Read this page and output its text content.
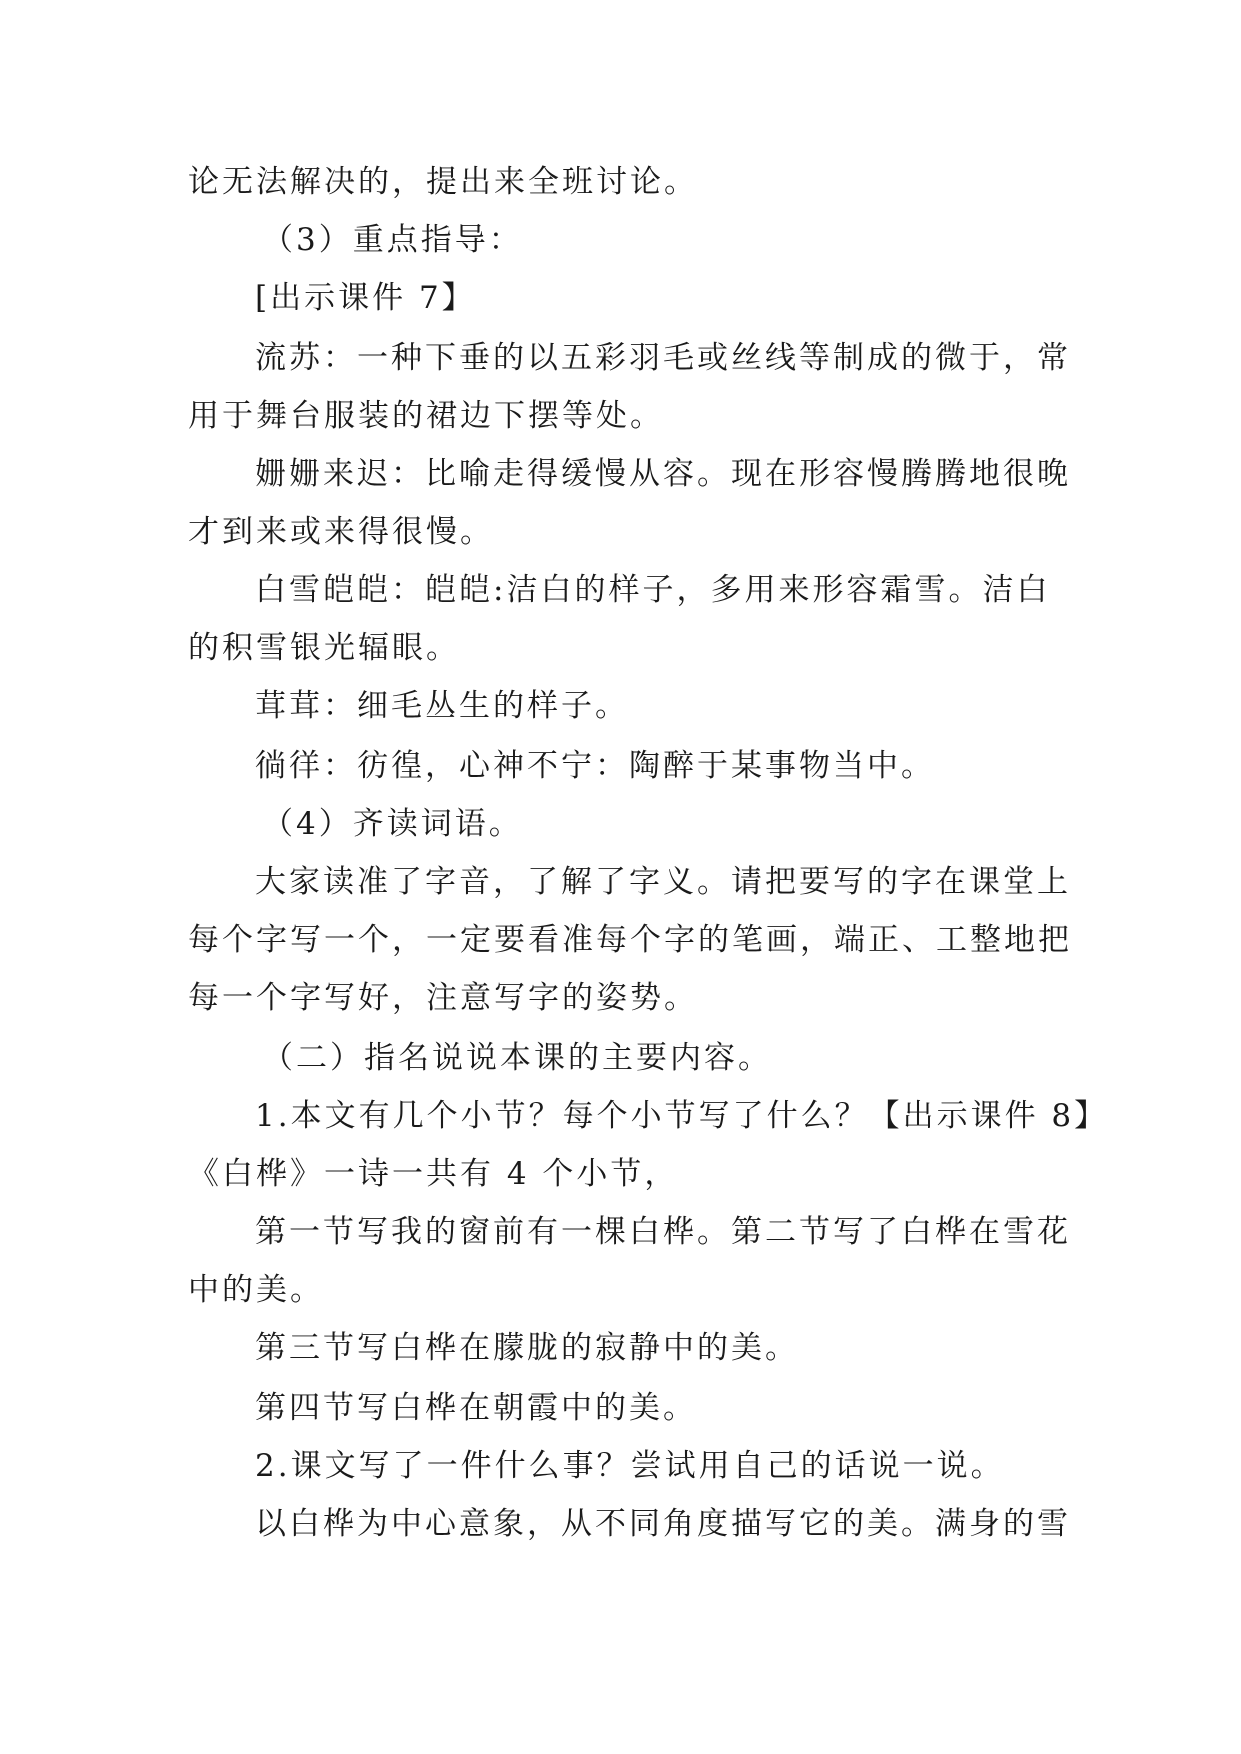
论无法解决的，提出来全班讨论。
（3）重点指导：
[出示课件 7】
流苏：一种下垂的以五彩羽毛或丝线等制成的微于，常
用于舞台服装的裙边下摆等处。
姗姗来迟：比喻走得缓慢从容。现在形容慢腾腾地很晚
才到来或来得很慢。
白雪皑皑：皑皑:洁白的样子，多用来形容霜雪。洁白
的积雪银光辐眼。
茸茸：细毛丛生的样子。
徜徉：彷徨，心神不宁：陶醉于某事物当中。
（4）齐读词语。
大家读准了字音，了解了字义。请把要写的字在课堂上
每个字写一个，一定要看准每个字的笔画，端正、工整地把
每一个字写好，注意写字的姿势。
（二）指名说说本课的主要内容。
1.本文有几个小节？每个小节写了什么？【出示课件 8】
《白桦》一诗一共有 4 个小节，
第一节写我的窗前有一棵白桦。第二节写了白桦在雪花
中的美。
第三节写白桦在朦胧的寂静中的美。
第四节写白桦在朝霞中的美。
2.课文写了一件什么事？尝试用自己的话说一说。
以白桦为中心意象，从不同角度描写它的美。满身的雪
